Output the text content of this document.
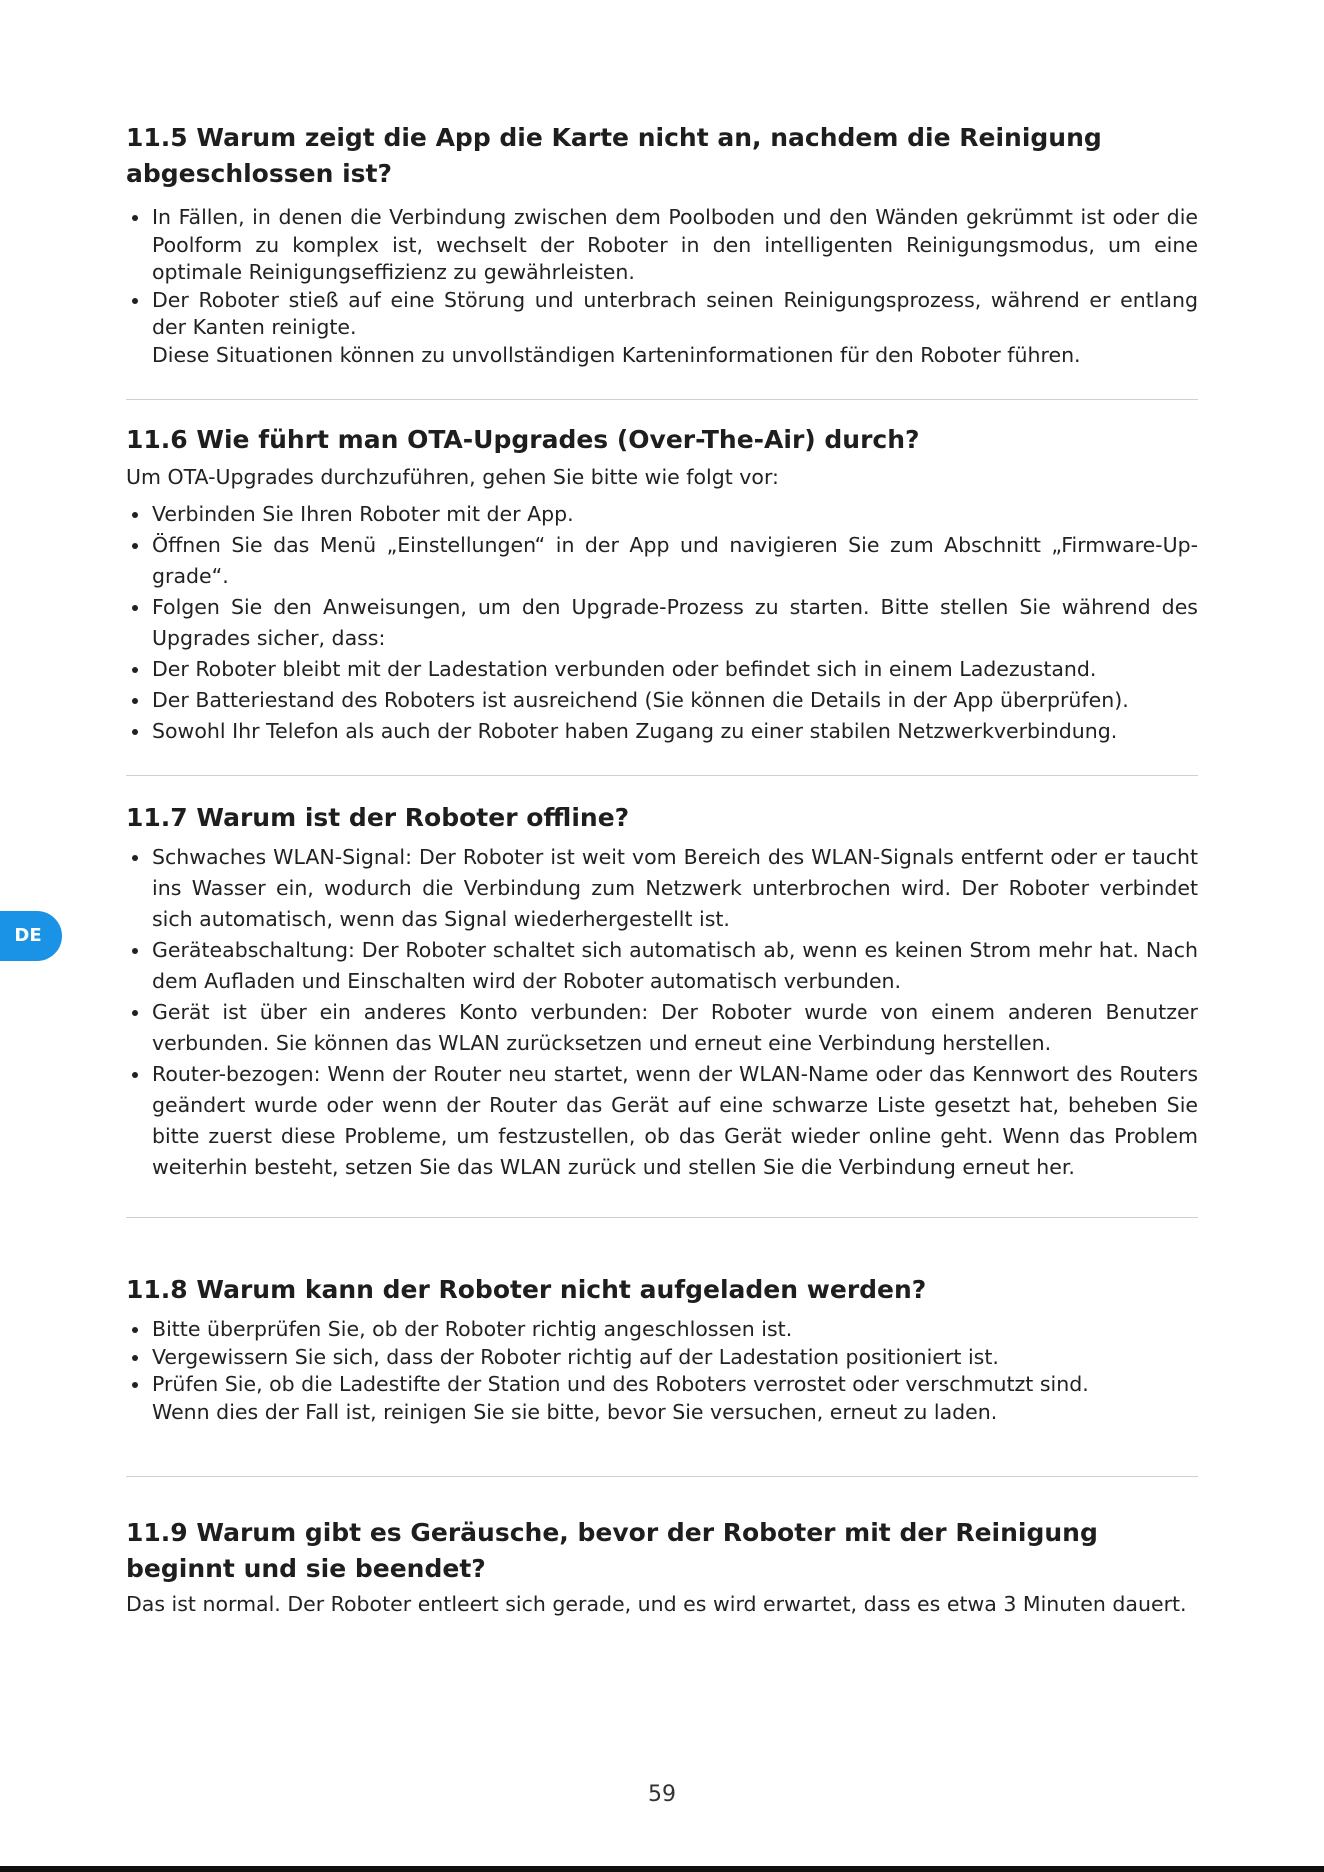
DE
11.5 Warum zeigt die App die Karte nicht an, nachdem die Reinigung abgeschlossen ist?
In Fällen, in denen die Verbindung zwischen dem Poolboden und den Wänden gekrümmt ist oder die Poolform zu komplex ist, wechselt der Roboter in den intelligenten Reinigungsmodus, um eine optimale Reinigungseffizienz zu gewährleisten.
Der Roboter stieß auf eine Störung und unterbrach seinen Reinigungsprozess, während er entlang der Kanten reinigte.
Diese Situationen können zu unvollständigen Karteninformationen für den Roboter führen.
11.6 Wie führt man OTA-Upgrades (Over-The-Air) durch?

Um OTA-Upgrades durchzuführen, gehen Sie bitte wie folgt vor:

Verbinden Sie Ihren Roboter mit der App.
Öffnen Sie das Menü „Einstellungen“ in der App und navigieren Sie zum Abschnitt „Firmware-Upgrade“.
Folgen Sie den Anweisungen, um den Upgrade-Prozess zu starten. Bitte stellen Sie während des Upgrades sicher, dass:
Der Roboter bleibt mit der Ladestation verbunden oder befindet sich in einem Ladezustand.
Der Batteriestand des Roboters ist ausreichend (Sie können die Details in der App überprüfen).
Sowohl Ihr Telefon als auch der Roboter haben Zugang zu einer stabilen Netzwerkverbindung.
11.7 Warum ist der Roboter offline?
Schwaches WLAN-Signal: Der Roboter ist weit vom Bereich des WLAN-Signals entfernt oder er taucht ins Wasser ein, wodurch die Verbindung zum Netzwerk unterbrochen wird. Der Roboter verbindet sich automatisch, wenn das Signal wiederhergestellt ist.
Geräteabschaltung: Der Roboter schaltet sich automatisch ab, wenn es keinen Strom mehr hat. Nach dem Aufladen und Einschalten wird der Roboter automatisch verbunden.
Gerät ist über ein anderes Konto verbunden: Der Roboter wurde von einem anderen Benutzer verbunden. Sie können das WLAN zurücksetzen und erneut eine Verbindung herstellen.
Router-bezogen: Wenn der Router neu startet, wenn der WLAN-Name oder das Kennwort des Routers geändert wurde oder wenn der Router das Gerät auf eine schwarze Liste gesetzt hat, beheben Sie bitte zuerst diese Probleme, um festzustellen, ob das Gerät wieder online geht. Wenn das Problem weiterhin besteht, setzen Sie das WLAN zurück und stellen Sie die Verbindung erneut her.
11.8 Warum kann der Roboter nicht aufgeladen werden?
Bitte überprüfen Sie, ob der Roboter richtig angeschlossen ist.
Vergewissern Sie sich, dass der Roboter richtig auf der Ladestation positioniert ist.
Prüfen Sie, ob die Ladestifte der Station und des Roboters verrostet oder verschmutzt sind.
Wenn dies der Fall ist, reinigen Sie sie bitte, bevor Sie versuchen, erneut zu laden.
11.9 Warum gibt es Geräusche, bevor der Roboter mit der Reinigung beginnt und sie beendet?

Das ist normal. Der Roboter entleert sich gerade, und es wird erwartet, dass es etwa 3 Minuten dauert.

59
